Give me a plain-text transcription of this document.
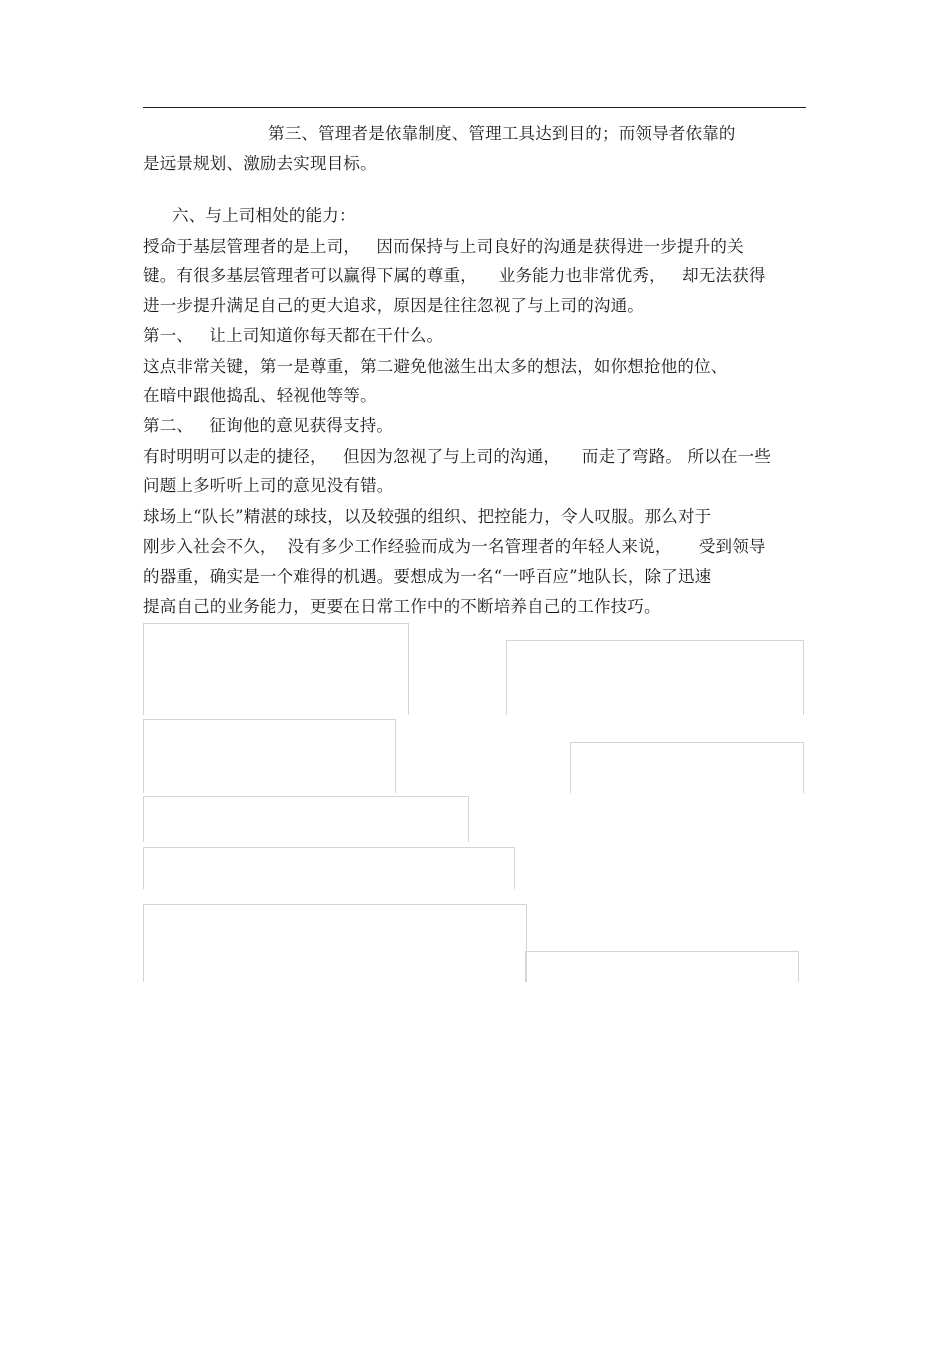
第三、管理者是依靠制度、管理工具达到目的；而领导者依靠的
是远景规划、激励去实现目标。
六、与上司相处的能力：
授命于基层管理者的是上司，   因而保持与上司良好的沟通是获得进一步提升的关
键。有很多基层管理者可以赢得下属的尊重，    业务能力也非常优秀，   却无法获得
进一步提升满足自己的更大追求，原因是往往忽视了与上司的沟通。
第一、   让上司知道你每天都在干什么。
这点非常关键，第一是尊重，第二避免他滋生出太多的想法，如你想抢他的位、
在暗中跟他捣乱、轻视他等等。
第二、   征询他的意见获得支持。
有时明明可以走的捷径，   但因为忽视了与上司的沟通，    而走了弯路。 所以在一些
问题上多听听上司的意见没有错。
球场上“队长”精湛的球技，以及较强的组织、把控能力，令人叹服。那么对于
刚步入社会不久，  没有多少工作经验而成为一名管理者的年轻人来说，     受到领导
的器重，确实是一个难得的机遇。要想成为一名“一呼百应”地队长，除了迅速
提高自己的业务能力，更要在日常工作中的不断培养自己的工作技巧。
